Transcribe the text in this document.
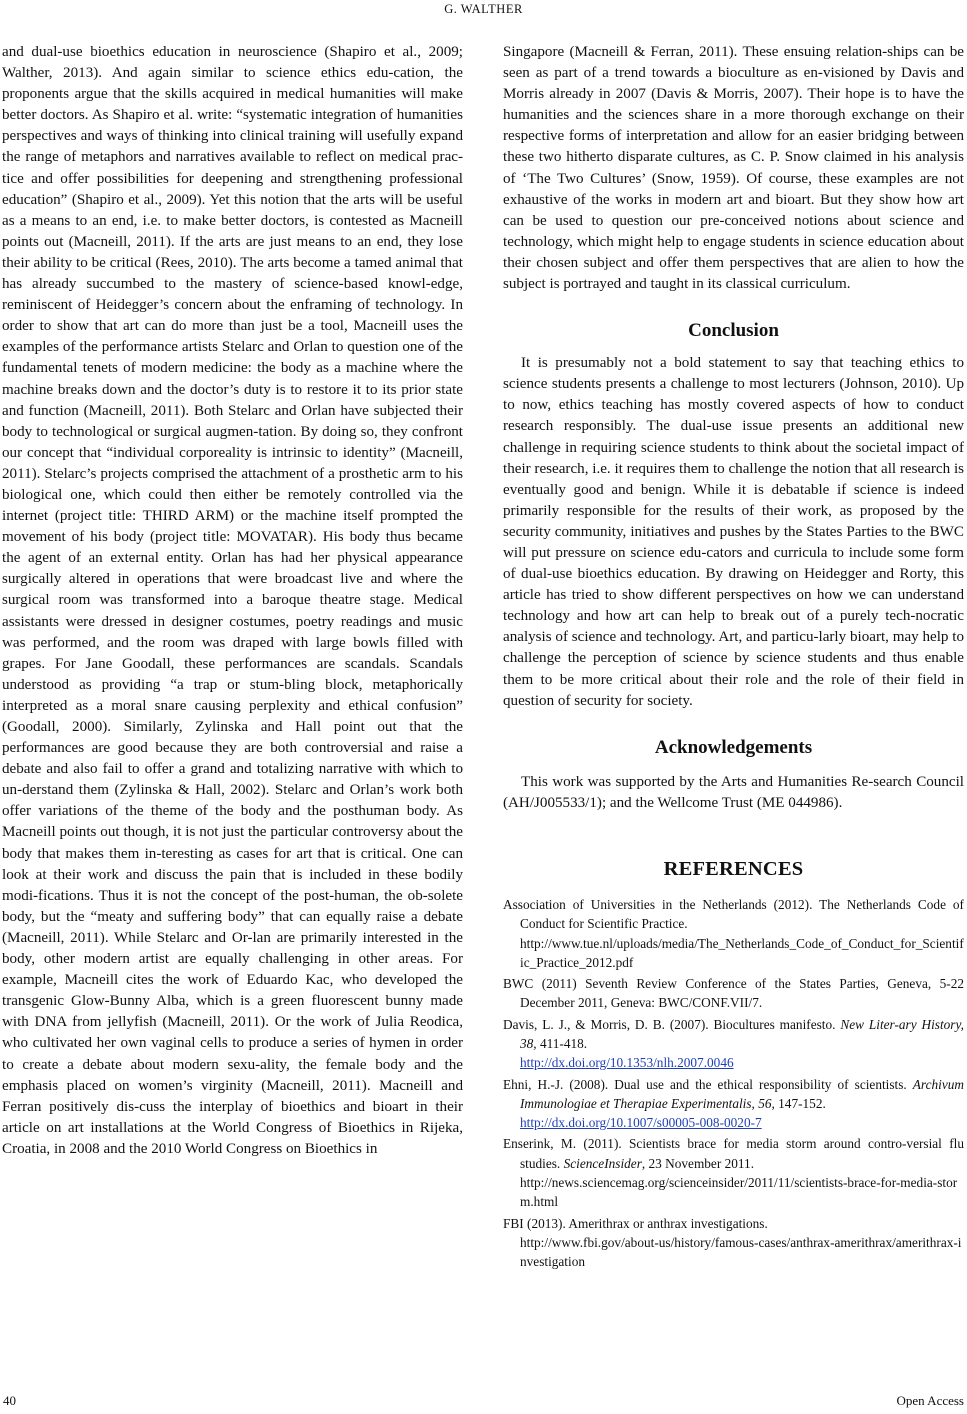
G. WALTHER

and dual-use bioethics education in neuroscience (Shapiro et al., 2009; Walther, 2013). And again similar to science ethics edu-cation, the proponents argue that the skills acquired in medical humanities will make better doctors. As Shapiro et al. write: “systematic integration of humanities perspectives and ways of thinking into clinical training will usefully expand the range of metaphors and narratives available to reflect on medical prac-tice and offer possibilities for deepening and strengthening professional education” (Shapiro et al., 2009). Yet this notion that the arts will be useful as a means to an end, i.e. to make better doctors, is contested as Macneill points out (Macneill, 2011). If the arts are just means to an end, they lose their ability to be critical (Rees, 2010). The arts become a tamed animal that has already succumbed to the mastery of science-based knowl-edge, reminiscent of Heidegger’s concern about the enframing of technology. In order to show that art can do more than just be a tool, Macneill uses the examples of the performance artists Stelarc and Orlan to question one of the fundamental tenets of modern medicine: the body as a machine where the machine breaks down and the doctor’s duty is to restore it to its prior state and function (Macneill, 2011). Both Stelarc and Orlan have subjected their body to technological or surgical augmen-tation. By doing so, they confront our concept that “individual corporeality is intrinsic to identity” (Macneill, 2011). Stelarc’s projects comprised the attachment of a prosthetic arm to his biological one, which could then either be remotely controlled via the internet (project title: THIRD ARM) or the machine itself prompted the movement of his body (project title: MOVATAR). His body thus became the agent of an external entity. Orlan has had her physical appearance surgically altered in operations that were broadcast live and where the surgical room was transformed into a baroque theatre stage. Medical assistants were dressed in designer costumes, poetry readings and music was performed, and the room was draped with large bowls filled with grapes. For Jane Goodall, these performances are scandals. Scandals understood as providing “a trap or stum-bling block, metaphorically interpreted as a moral snare causing perplexity and ethical confusion” (Goodall, 2000). Similarly, Zylinska and Hall point out that the performances are good because they are both controversial and raise a debate and also fail to offer a grand and totalizing narrative with which to un-derstand them (Zylinska & Hall, 2002). Stelarc and Orlan’s work both offer variations of the theme of the body and the posthuman body. As Macneill points out though, it is not just the particular controversy about the body that makes them in-teresting as cases for art that is critical. One can look at their work and discuss the pain that is included in these bodily modi-fications. Thus it is not the concept of the post-human, the ob-solete body, but the “meaty and suffering body” that can equally raise a debate (Macneill, 2011). While Stelarc and Or-lan are primarily interested in the body, other modern artist are equally challenging in other areas. For example, Macneill cites the work of Eduardo Kac, who developed the transgenic Glow-Bunny Alba, which is a green fluorescent bunny made with DNA from jellyfish (Macneill, 2011). Or the work of Julia Reodica, who cultivated her own vaginal cells to produce a series of hymen in order to create a debate about modern sexu-ality, the female body and the emphasis placed on women’s virginity (Macneill, 2011). Macneill and Ferran positively dis-cuss the interplay of bioethics and bioart in their article on art installations at the World Congress of Bioethics in Rijeka, Croatia, in 2008 and the 2010 World Congress on Bioethics in

Singapore (Macneill & Ferran, 2011). These ensuing relation-ships can be seen as part of a trend towards a bioculture as en-visioned by Davis and Morris already in 2007 (Davis & Morris, 2007). Their hope is to have the humanities and the sciences share in a more thorough exchange on their respective forms of interpretation and allow for an easier bridging between these two hitherto disparate cultures, as C. P. Snow claimed in his analysis of ‘The Two Cultures’ (Snow, 1959). Of course, these examples are not exhaustive of the works in modern art and bioart. But they show how art can be used to question our pre-conceived notions about science and technology, which might help to engage students in science education about their chosen subject and offer them perspectives that are alien to how the subject is portrayed and taught in its classical curriculum.

Conclusion

It is presumably not a bold statement to say that teaching ethics to science students presents a challenge to most lecturers (Johnson, 2010). Up to now, ethics teaching has mostly covered aspects of how to conduct research responsibly. The dual-use issue presents an additional new challenge in requiring science students to think about the societal impact of their research, i.e. it requires them to challenge the notion that all research is eventually good and benign. While it is debatable if science is indeed primarily responsible for the results of their work, as proposed by the security community, initiatives and pushes by the States Parties to the BWC will put pressure on science edu-cators and curricula to include some form of dual-use bioethics education. By drawing on Heidegger and Rorty, this article has tried to show different perspectives on how we can understand technology and how art can help to break out of a purely tech-nocratic analysis of science and technology. Art, and particu-larly bioart, may help to challenge the perception of science by science students and thus enable them to be more critical about their role and the role of their field in question of security for society.

Acknowledgements

This work was supported by the Arts and Humanities Re-search Council (AH/J005533/1); and the Wellcome Trust (ME 044986).

REFERENCES
Association of Universities in the Netherlands (2012). The Netherlands Code of Conduct for Scientific Practice.
http://www.tue.nl/uploads/media/The_Netherlands_Code_of_Conduct_for_Scientific_Practice_2012.pdf
BWC (2011) Seventh Review Conference of the States Parties, Geneva, 5-22 December 2011, Geneva: BWC/CONF.VII/7.
Davis, L. J., & Morris, D. B. (2007). Biocultures manifesto. New Liter-ary History, 38, 411-418.
http://dx.doi.org/10.1353/nlh.2007.0046
Ehni, H.-J. (2008). Dual use and the ethical responsibility of scientists. Archivum Immunologiae et Therapiae Experimentalis, 56, 147-152.
http://dx.doi.org/10.1007/s00005-008-0020-7
Enserink, M. (2011). Scientists brace for media storm around contro-versial flu studies. ScienceInsider, 23 November 2011.
http://news.sciencemag.org/scienceinsider/2011/11/scientists-brace-for-media-storm.html
FBI (2013). Amerithrax or anthrax investigations.
http://www.fbi.gov/about-us/history/famous-cases/anthrax-amerithrax/amerithrax-investigation
40	Open Access
